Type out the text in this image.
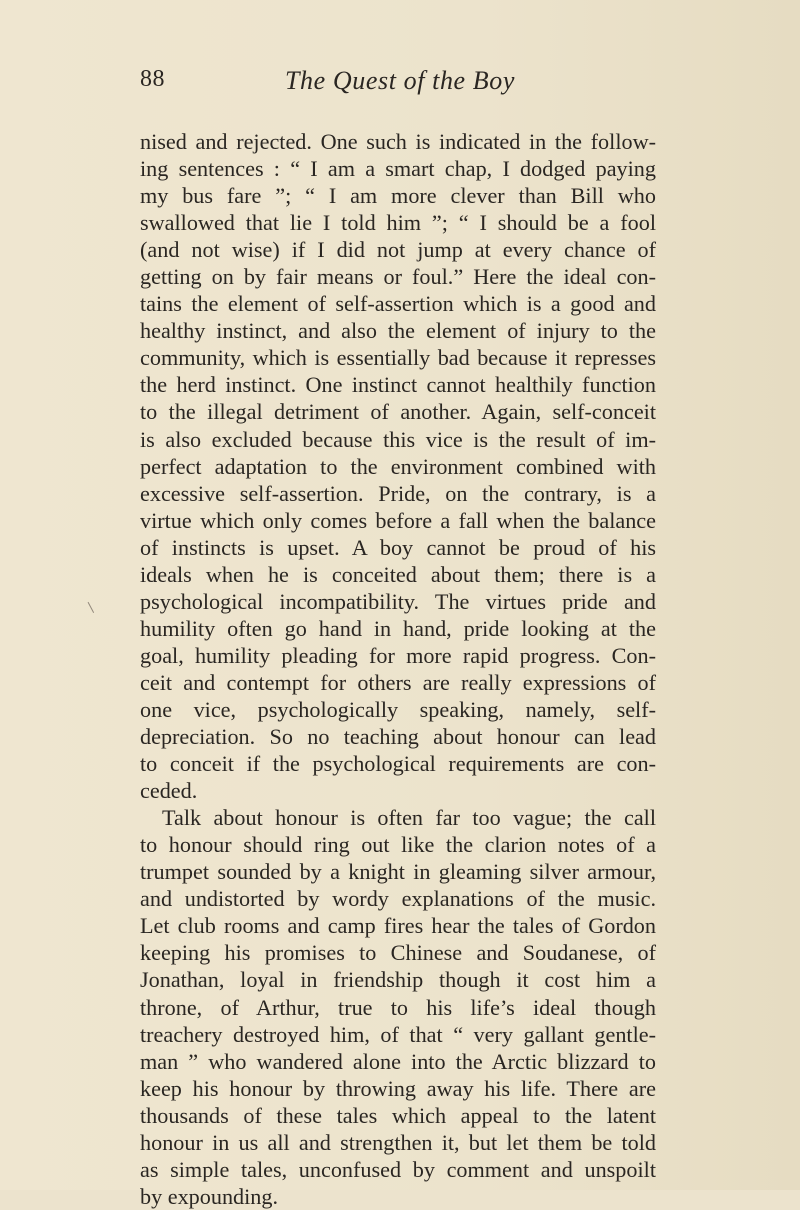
88	The Quest of the Boy
nised and rejected. One such is indicated in the follow-
ing sentences : “ I am a smart chap, I dodged paying
my bus fare ”; “ I am more clever than Bill who
swallowed that lie I told him ”; “ I should be a fool
(and not wise) if I did not jump at every chance of
getting on by fair means or foul.” Here the ideal con-
tains the element of self-assertion which is a good and
healthy instinct, and also the element of injury to the
community, which is essentially bad because it represses
the herd instinct. One instinct cannot healthily function
to the illegal detriment of another. Again, self-conceit
is also excluded because this vice is the result of im-
perfect adaptation to the environment combined with
excessive self-assertion. Pride, on the contrary, is a
virtue which only comes before a fall when the balance
of instincts is upset. A boy cannot be proud of his
ideals when he is conceited about them; there is a
psychological incompatibility. The virtues pride and
humility often go hand in hand, pride looking at the
goal, humility pleading for more rapid progress. Con-
ceit and contempt for others are really expressions of
one vice, psychologically speaking, namely, self-
depreciation. So no teaching about honour can lead
to conceit if the psychological requirements are con-
ceded.
Talk about honour is often far too vague; the call
to honour should ring out like the clarion notes of a
trumpet sounded by a knight in gleaming silver armour,
and undistorted by wordy explanations of the music.
Let club rooms and camp fires hear the tales of Gordon
keeping his promises to Chinese and Soudanese, of
Jonathan, loyal in friendship though it cost him a
throne, of Arthur, true to his life’s ideal though
treachery destroyed him, of that “ very gallant gentle-
man ” who wandered alone into the Arctic blizzard to
keep his honour by throwing away his life. There are
thousands of these tales which appeal to the latent
honour in us all and strengthen it, but let them be told
as simple tales, unconfused by comment and unspoilt
by expounding.
